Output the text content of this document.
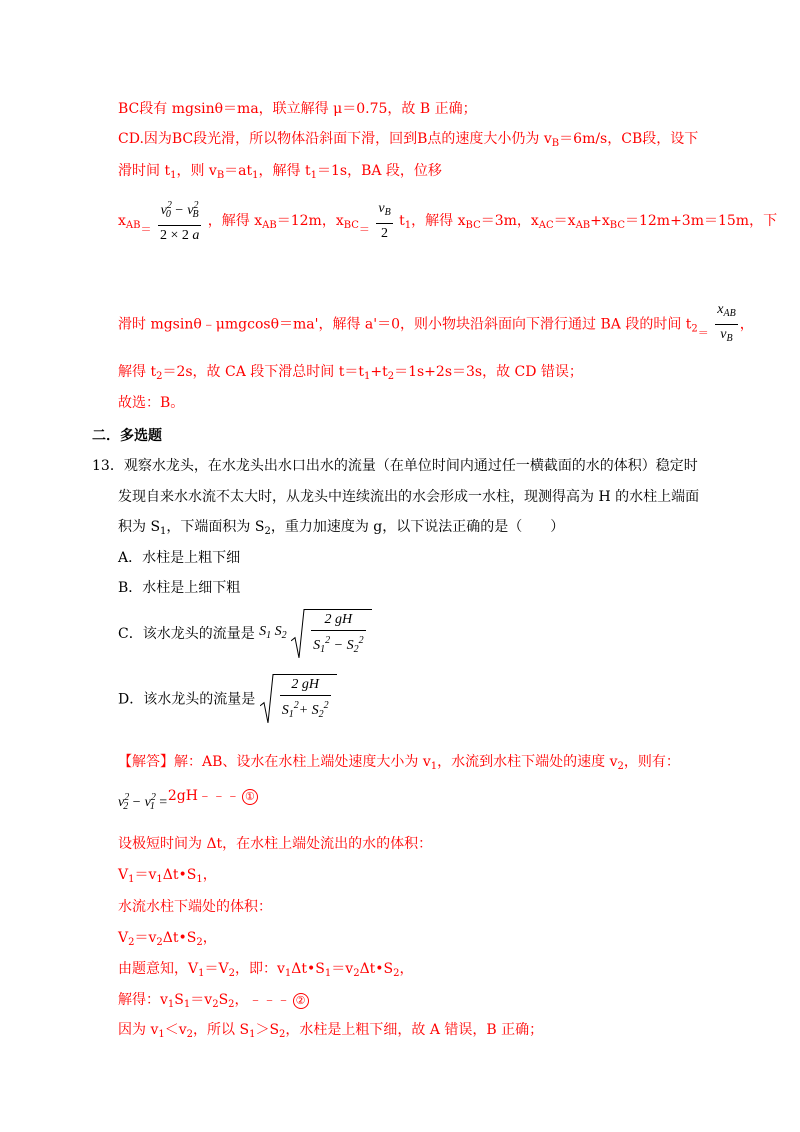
BC段有 mgsinθ＝ma，联立解得 μ＝0.75，故 B 正确；
CD.因为BC段光滑，所以物体沿斜面下滑，回到B点的速度大小仍为 $v_B=6m/s$，CB段，设下
滑时间 $t_1$，则 $v_B=at_1$，解得 $t_1=1s$，BA 段，位移
$x_{AB=} \frac{v^2_0 - v^2_B}{2 \times 2 a}$ ，解得 $x_{AB}=12m$，$x_{BC=} \frac{v_B}{2} t_1$，解得 $x_{BC}=3m$，$x_{AC}=x_{AB}+x_{BC}=12m+3m=15m$，下
滑时 mgsinθ﹣μmgcosθ＝ma'，解得 a'＝0，则小物块沿斜面向下滑行通过 BA 段的时间 $t_{2=} \frac{x_{AB}}{v_B}$ ，
解得 $t_2=2s$，故 CA 段下滑总时间 $t=t_1+t_2=1s+2s=3s$，故 CD 错误；
故选：B。
二．多选题
13．观察水龙头，在水龙头出水口出水的流量（在单位时间内通过任一横截面的水的体积）稳定时
发现自来水水流不太大时，从龙头中连续流出的水会形成一水柱，现测得高为 H 的水柱上端面
积为 $S_1$，下端面积为 $S_2$，重力加速度为 g，以下说法正确的是（　　）
A．水柱是上粗下细
B．水柱是上细下粗
C．该水龙头的流量是 $S_1$ $S_2 \frac{2 gH}{S_1^2 - S_2^2}$
D．该水龙头的流量是 $\frac{2 gH}{S_1^2+ S_2^2}$
【解答】解：AB、设水在水柱上端处速度大小为 $v_1$，水流到水柱下端处的速度 $v_2$，则有：
$v^2_2 - v^2_1$ =2gH﹣﹣﹣ ①
设极短时间为 Δt，在水柱上端处流出的水的体积：
$V_1=v_1\Delta t•S_1$，
水流水柱下端处的体积：
$V_2=v_2\Delta t•S_2$，
由题意知，$V_1=V_2$，即：$v_1\Delta t•S_1=v_2\Delta t•S_2$，
解得：$v_1S_1=v_2S_2$，﹣﹣﹣ ②
因为 $v_1<v_2$，所以 $S_1>S_2$，水柱是上粗下细，故 A 错误，B 正确；
